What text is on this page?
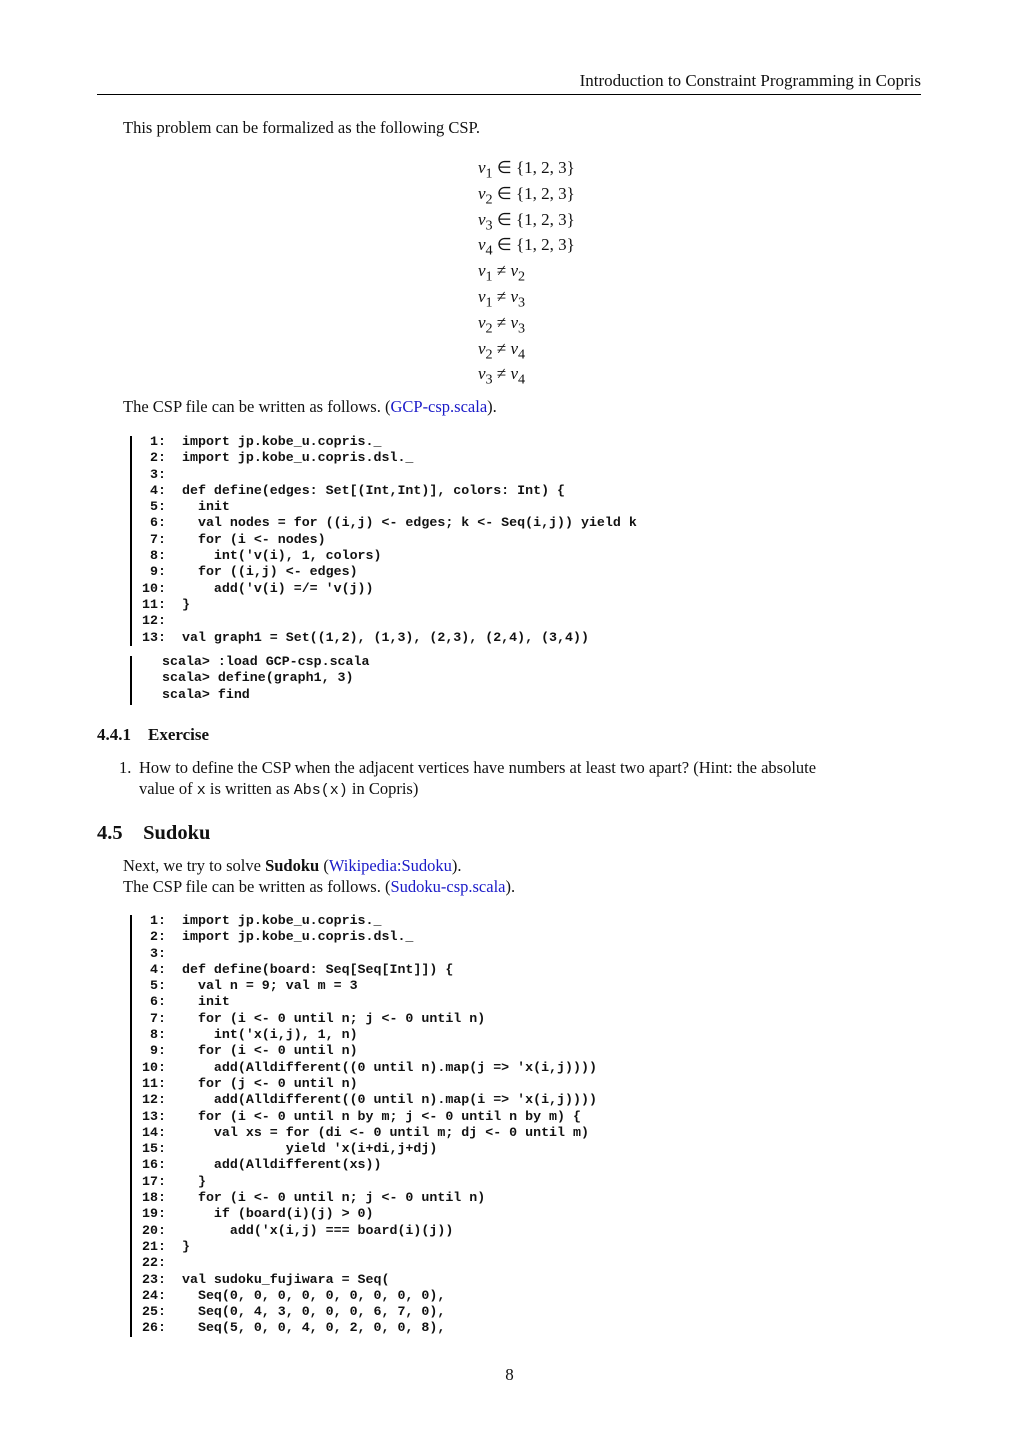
Introduction to Constraint Programming in Copris
This problem can be formalized as the following CSP.
$v_1$ ∈ {1, 2, 3}
$v_2$ ∈ {1, 2, 3}
$v_3$ ∈ {1, 2, 3}
$v_4$ ∈ {1, 2, 3}
$v_1 \ne v_2$
$v_1 \ne v_3$
$v_2 \ne v_3$
$v_2 \ne v_4$
$v_3 \ne v_4$
The CSP file can be written as follows. (GCP-csp.scala).
1:	import jp.kobe_u.copris._
2:	import jp.kobe_u.copris.dsl._
3:
4:	def define(edges: Set[(Int,Int)], colors: Int) {
5:	init
6:	val nodes = for ((i,j) <- edges; k <- Seq(i,j)) yield k
7:	for (i <- nodes)
8:	int('v(i), 1, colors)
9:	for ((i,j) <- edges)
10:	add('v(i) =/= 'v(j))
11:	}
12:
13:	val graph1 = Set((1,2), (1,3), (2,3), (2,4), (3,4))
scala> :load GCP-csp.scala
scala> define(graph1, 3)
scala> find
4.4.1 Exercise
1. How to define the CSP when the adjacent vertices have numbers at least two apart? (Hint: the absolute
value of x is written as Abs(x) in Copris)
4.5 Sudoku
Next, we try to solve Sudoku (Wikipedia:Sudoku).
The CSP file can be written as follows. (Sudoku-csp.scala).
1:	import jp.kobe_u.copris._
2:	import jp.kobe_u.copris.dsl._
3:
4:	def define(board: Seq[Seq[Int]]) {
5:	val n = 9; val m = 3
6:	init
7:	for (i <- 0 until n; j <- 0 until n)
8:	int('x(i,j), 1, n)
9:	for (i <- 0 until n)
10:	add(Alldifferent((0 until n).map(j => 'x(i,j))))
11:	for (j <- 0 until n)
12:	add(Alldifferent((0 until n).map(i => 'x(i,j))))
13:	for (i <- 0 until n by m; j <- 0 until n by m) {
14:	val xs = for (di <- 0 until m; dj <- 0 until m)
15:	yield 'x(i+di,j+dj)
16:	add(Alldifferent(xs))
17:	}
18:	for (i <- 0 until n; j <- 0 until n)
19:	if (board(i)(j) > 0)
20:	add('x(i,j) === board(i)(j))
21:	}
22:
23:	val sudoku_fujiwara = Seq(
24:	Seq(0, 0, 0, 0, 0, 0, 0, 0, 0),
25:	Seq(0, 4, 3, 0, 0, 0, 6, 7, 0),
26:	Seq(5, 0, 0, 4, 0, 2, 0, 0, 8),
8
